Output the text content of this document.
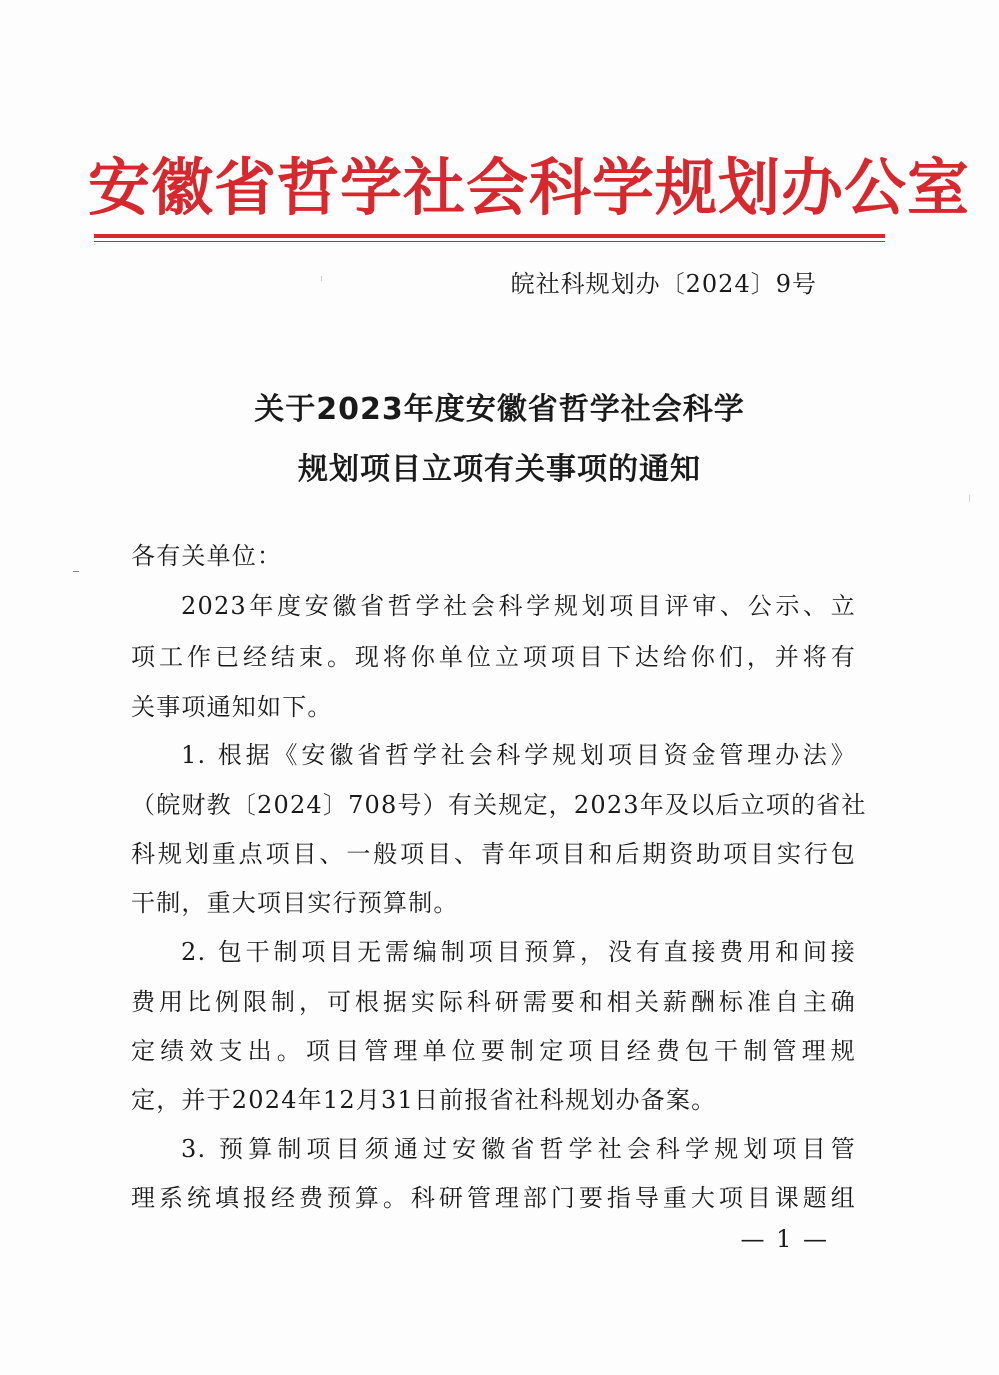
安徽省哲学社会科学规划办公室
皖社科规划办〔2024〕9号
关于2023年度安徽省哲学社会科学
规划项目立项有关事项的通知
各有关单位：
2023年度安徽省哲学社会科学规划项目评审、公示、立
项工作已经结束。现将你单位立项项目下达给你们，并将有
关事项通知如下。
1. 根据《安徽省哲学社会科学规划项目资金管理办法》
（皖财教〔2024〕708号）有关规定，2023年及以后立项的省社
科规划重点项目、一般项目、青年项目和后期资助项目实行包
干制，重大项目实行预算制。
2. 包干制项目无需编制项目预算，没有直接费用和间接
费用比例限制，可根据实际科研需要和相关薪酬标准自主确
定绩效支出。项目管理单位要制定项目经费包干制管理规
定，并于2024年12月31日前报省社科规划办备案。
3. 预算制项目须通过安徽省哲学社会科学规划项目管
理系统填报经费预算。科研管理部门要指导重大项目课题组
— 1 —
